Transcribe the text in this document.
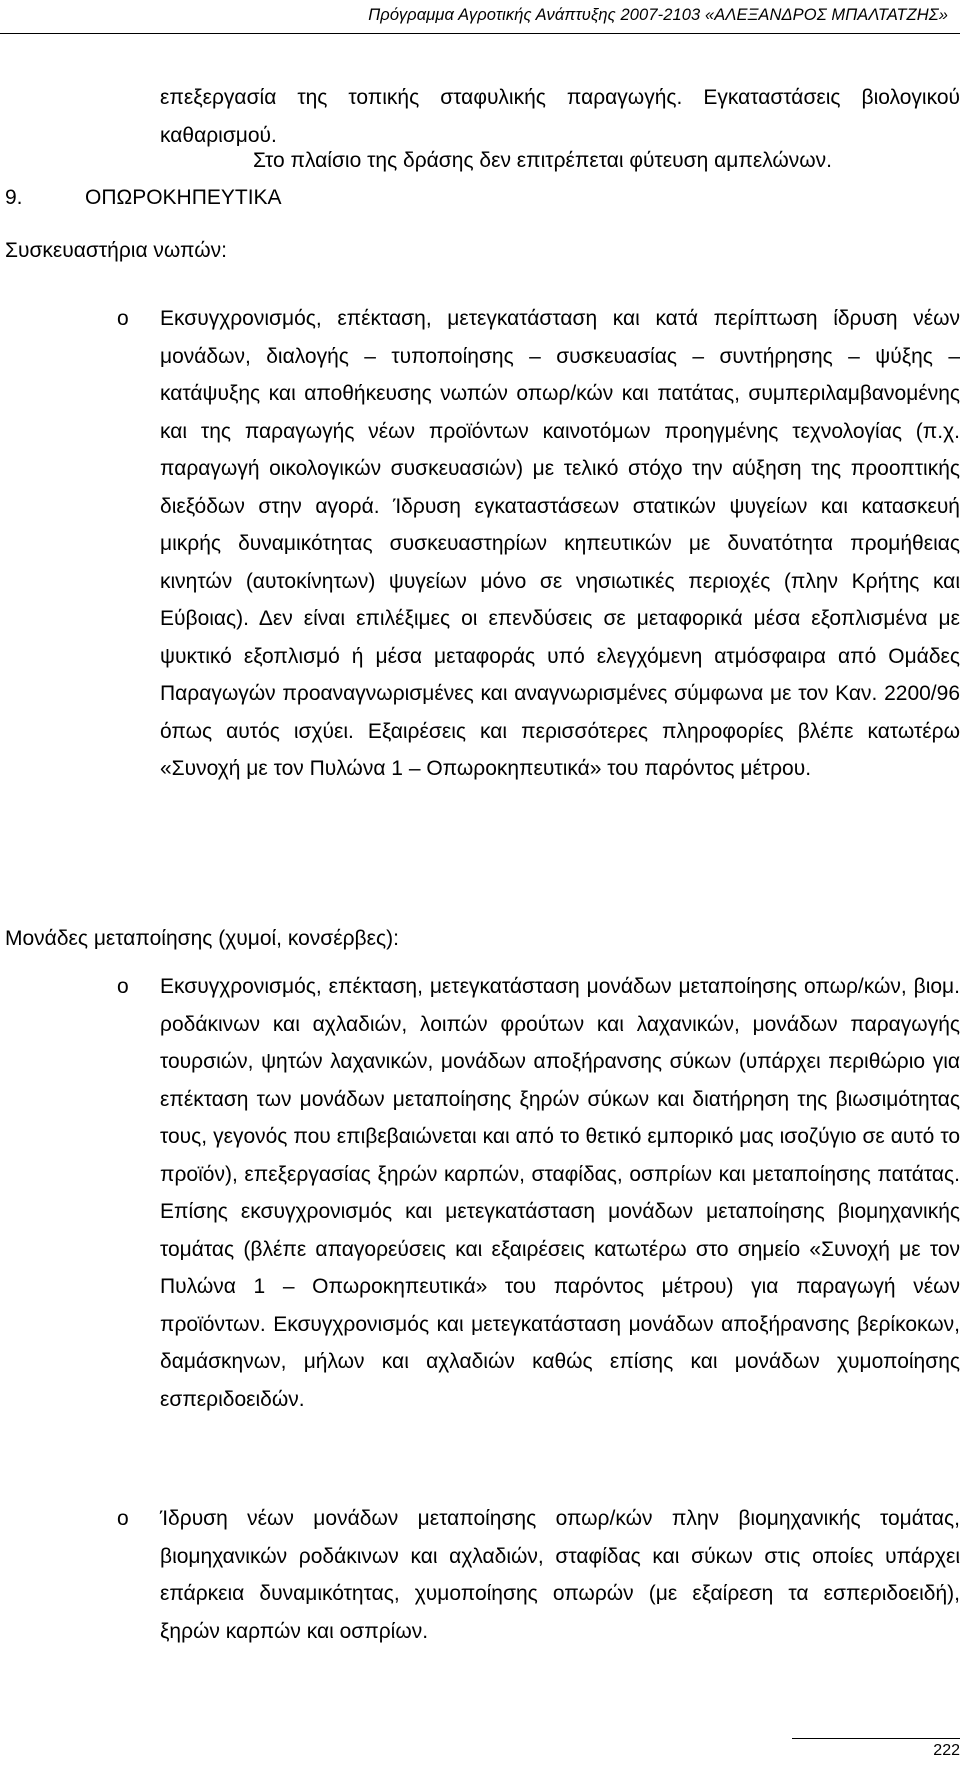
Πρόγραμμα Αγροτικής Ανάπτυξης 2007-2103 «ΑΛΕΞΑΝΔΡΟΣ ΜΠΑΛΤΑΤΖΗΣ»

επεξεργασία της τοπικής σταφυλικής παραγωγής. Εγκαταστάσεις βιολογικού καθαρισμού.

Στο πλαίσιο της δράσης δεν επιτρέπεται φύτευση αμπελώνων.

9.	ΟΠΩΡΟΚΗΠΕΥΤΙΚΑ
Συσκευαστήρια νωπών:
o Εκσυγχρονισμός, επέκταση, μετεγκατάσταση και κατά περίπτωση ίδρυση νέων μονάδων, διαλογής – τυποποίησης – συσκευασίας – συντήρησης – ψύξης – κατάψυξης και αποθήκευσης νωπών οπωρ/κών και πατάτας, συμπεριλαμβανομένης και της παραγωγής νέων προϊόντων καινοτόμων προηγμένης τεχνολογίας (π.χ. παραγωγή οικολογικών συσκευασιών) με τελικό στόχο την αύξηση της προοπτικής διεξόδων στην αγορά. Ίδρυση εγκαταστάσεων στατικών ψυγείων και κατασκευή μικρής δυναμικότητας συσκευαστηρίων κηπευτικών με δυνατότητα προμήθειας κινητών (αυτοκίνητων) ψυγείων μόνο σε νησιωτικές περιοχές (πλην Κρήτης και Εύβοιας). Δεν είναι επιλέξιμες οι επενδύσεις σε μεταφορικά μέσα εξοπλισμένα με ψυκτικό εξοπλισμό ή μέσα μεταφοράς υπό ελεγχόμενη ατμόσφαιρα από Ομάδες Παραγωγών προαναγνωρισμένες και αναγνωρισμένες σύμφωνα με τον Καν. 2200/96 όπως αυτός ισχύει. Εξαιρέσεις και περισσότερες πληροφορίες βλέπε κατωτέρω «Συνοχή με τον Πυλώνα 1 – Οπωροκηπευτικά» του παρόντος μέτρου.

Μονάδες μεταποίησης (χυμοί, κονσέρβες):
o Εκσυγχρονισμός, επέκταση, μετεγκατάσταση μονάδων μεταποίησης οπωρ/κών, βιομ. ροδάκινων και αχλαδιών, λοιπών φρούτων και λαχανικών, μονάδων παραγωγής τουρσιών, ψητών λαχανικών, μονάδων αποξήρανσης σύκων (υπάρχει περιθώριο για επέκταση των μονάδων μεταποίησης ξηρών σύκων και διατήρηση της βιωσιμότητας τους, γεγονός που επιβεβαιώνεται και από το θετικό εμπορικό μας ισοζύγιο σε αυτό το προϊόν), επεξεργασίας ξηρών καρπών, σταφίδας, οσπρίων και μεταποίησης πατάτας. Επίσης εκσυγχρονισμός και μετεγκατάσταση μονάδων μεταποίησης βιομηχανικής τομάτας (βλέπε απαγορεύσεις και εξαιρέσεις κατωτέρω στο σημείο «Συνοχή με τον Πυλώνα 1 – Οπωροκηπευτικά» του παρόντος μέτρου) για παραγωγή νέων προϊόντων. Εκσυγχρονισμός και μετεγκατάσταση μονάδων αποξήρανσης βερίκοκων, δαμάσκηνων, μήλων και αχλαδιών καθώς επίσης και μονάδων χυμοποίησης εσπεριδοειδών.

o Ίδρυση νέων μονάδων μεταποίησης οπωρ/κών πλην βιομηχανικής τομάτας, βιομηχανικών ροδάκινων και αχλαδιών, σταφίδας και σύκων στις οποίες υπάρχει επάρκεια δυναμικότητας, χυμοποίησης οπωρών (με εξαίρεση τα εσπεριδοειδή), ξηρών καρπών και οσπρίων.

222
